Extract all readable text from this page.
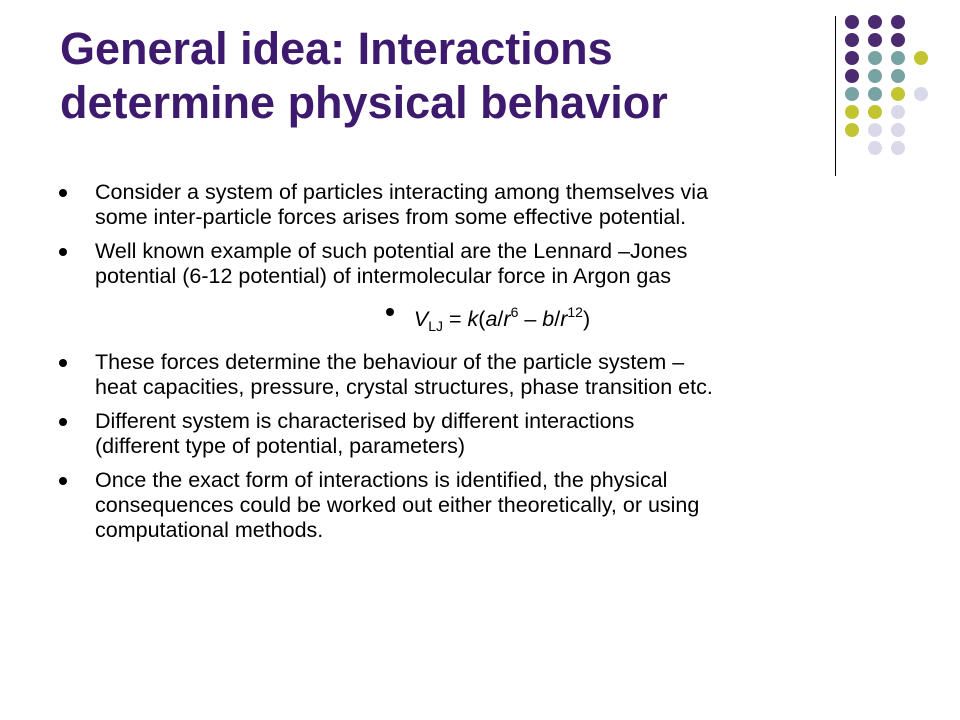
General idea: Interactions
determine physical behavior
Consider a system of particles interacting among themselves via
some inter-particle forces arises from some effective potential.
Well known example of such potential are the Lennard –Jones
potential (6-12 potential) of intermolecular force in Argon gas
$V_{LJ} = k(a/r^6 - b/r^{12})$
These forces determine the behaviour of the particle system –
heat capacities, pressure, crystal structures, phase transition etc.
Different system is characterised by different interactions
(different type of potential, parameters)
Once the exact form of interactions is identified, the physical
consequences could be worked out either theoretically, or using
computational methods.
